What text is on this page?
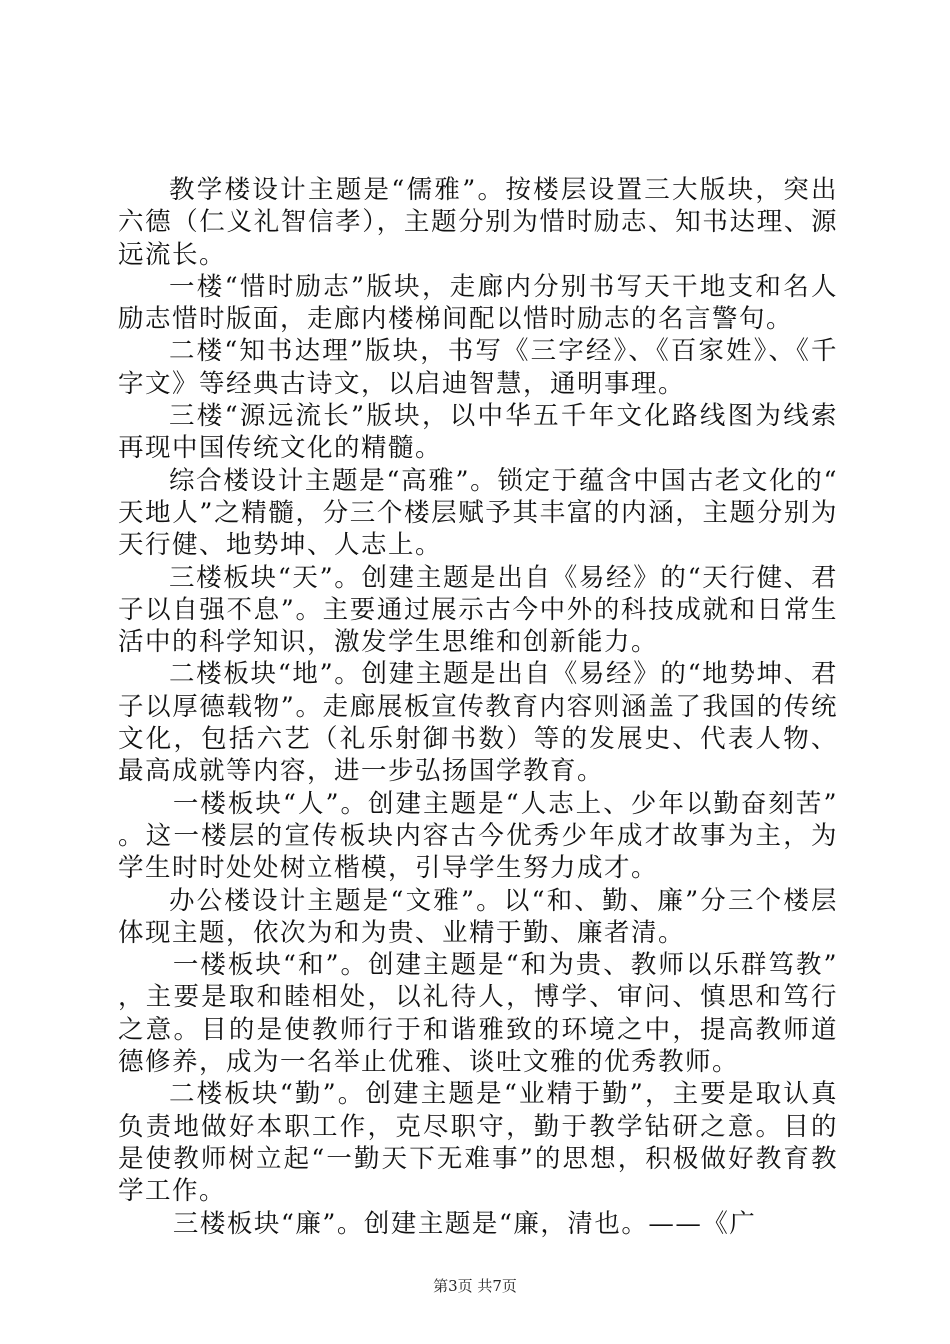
教学楼设计主题是“儒雅”。按楼层设置三大版块，突出六德（仁义礼智信孝），主题分别为惜时励志、知书达理、源远流长。

一楼“惜时励志”版块，走廊内分别书写天干地支和名人励志惜时版面，走廊内楼梯间配以惜时励志的名言警句。

二楼“知书达理”版块，书写《三字经》、《百家姓》、《千字文》等经典古诗文，以启迪智慧，通明事理。

三楼“源远流长”版块，以中华五千年文化路线图为线索再现中国传统文化的精髓。

综合楼设计主题是“高雅”。锁定于蕴含中国古老文化的“天地人”之精髓，分三个楼层赋予其丰富的内涵，主题分别为天行健、地势坤、人志上。

三楼板块“天”。创建主题是出自《易经》的“天行健、君子以自强不息”。主要通过展示古今中外的科技成就和日常生活中的科学知识，激发学生思维和创新能力。

二楼板块“地”。创建主题是出自《易经》的“地势坤、君子以厚德载物”。走廊展板宣传教育内容则涵盖了我国的传统文化，包括六艺（礼乐射御书数）等的发展史、代表人物、最高成就等内容，进一步弘扬国学教育。

一楼板块“人”。创建主题是“人志上、少年以勤奋刻苦”。这一楼层的宣传板块内容古今优秀少年成才故事为主，为学生时时处处树立楷模，引导学生努力成才。

办公楼设计主题是“文雅”。以“和、勤、廉”分三个楼层体现主题，依次为和为贵、业精于勤、廉者清。

一楼板块“和”。创建主题是“和为贵、教师以乐群笃教”，主要是取和睦相处，以礼待人，博学、审问、慎思和笃行之意。目的是使教师行于和谐雅致的环境之中，提高教师道德修养，成为一名举止优雅、谈吐文雅的优秀教师。

二楼板块“勤”。创建主题是“业精于勤”，主要是取认真负责地做好本职工作，克尽职守，勤于教学钻研之意。目的是使教师树立起“一勤天下无难事”的思想，积极做好教育教学工作。

三楼板块“廉”。创建主题是“廉，清也。——《广

第3页 共7页
